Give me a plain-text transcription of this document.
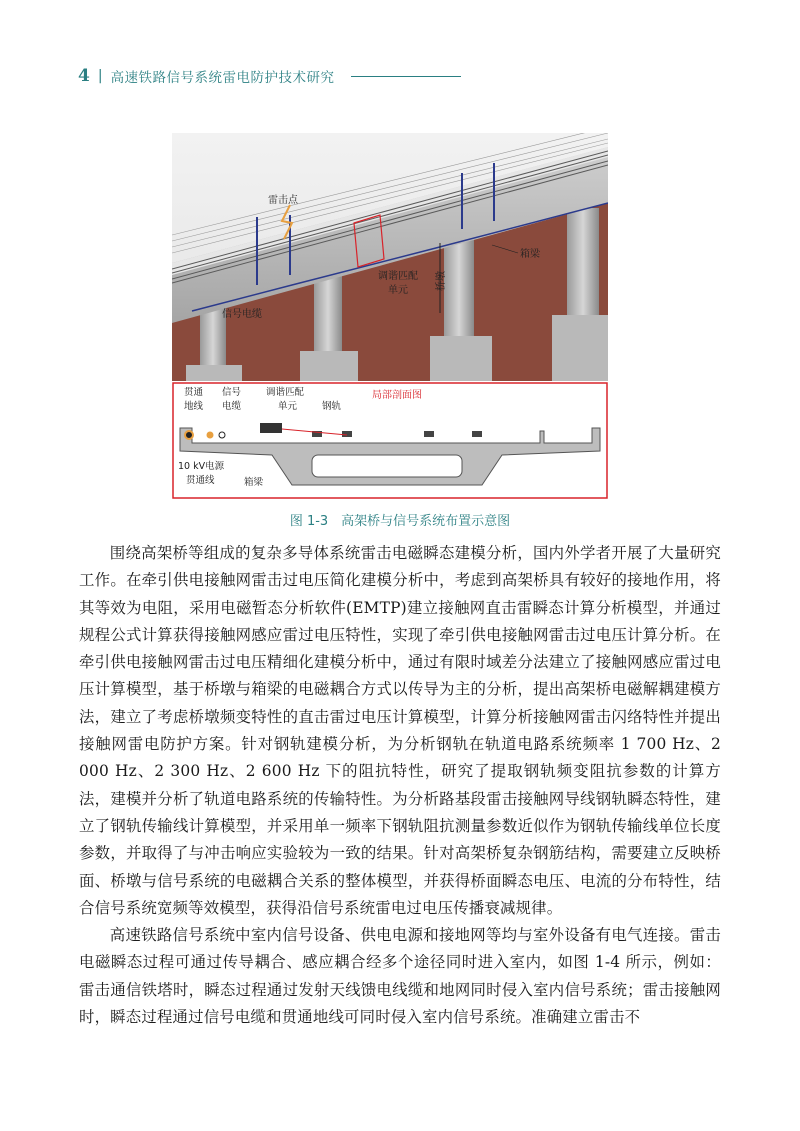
4 | 高速铁路信号系统雷电防护技术研究
雷击点
箱梁
调谐匹配
单元	桥墩
信号电缆
局部剖面图
贯通
地线
信号
电缆
调谐匹配
单元	钢轨
10 kV电源
贯通线	箱梁
图 1-3　高架桥与信号系统布置示意图

围绕高架桥等组成的复杂多导体系统雷击电磁瞬态建模分析，国内外学者开展了大量研究工作。在牵引供电接触网雷击过电压简化建模分析中，考虑到高架桥具有较好的接地作用，将其等效为电阻，采用电磁暂态分析软件(EMTP)建立接触网直击雷瞬态计算分析模型，并通过规程公式计算获得接触网感应雷过电压特性，实现了牵引供电接触网雷击过电压计算分析。在牵引供电接触网雷击过电压精细化建模分析中，通过有限时域差分法建立了接触网感应雷过电压计算模型，基于桥墩与箱梁的电磁耦合方式以传导为主的分析，提出高架桥电磁解耦建模方法，建立了考虑桥墩频变特性的直击雷过电压计算模型，计算分析接触网雷击闪络特性并提出接触网雷电防护方案。针对钢轨建模分析，为分析钢轨在轨道电路系统频率 1 700 Hz、2 000 Hz、2 300 Hz、2 600 Hz 下的阻抗特性，研究了提取钢轨频变阻抗参数的计算方法，建模并分析了轨道电路系统的传输特性。为分析路基段雷击接触网导线钢轨瞬态特性，建立了钢轨传输线计算模型，并采用单一频率下钢轨阻抗测量参数近似作为钢轨传输线单位长度参数，并取得了与冲击响应实验较为一致的结果。针对高架桥复杂钢筋结构，需要建立反映桥面、桥墩与信号系统的电磁耦合关系的整体模型，并获得桥面瞬态电压、电流的分布特性，结合信号系统宽频等效模型，获得沿信号系统雷电过电压传播衰减规律。

高速铁路信号系统中室内信号设备、供电电源和接地网等均与室外设备有电气连接。雷击电磁瞬态过程可通过传导耦合、感应耦合经多个途径同时进入室内，如图 1-4 所示，例如：雷击通信铁塔时，瞬态过程通过发射天线馈电线缆和地网同时侵入室内信号系统；雷击接触网时，瞬态过程通过信号电缆和贯通地线可同时侵入室内信号系统。准确建立雷击不
